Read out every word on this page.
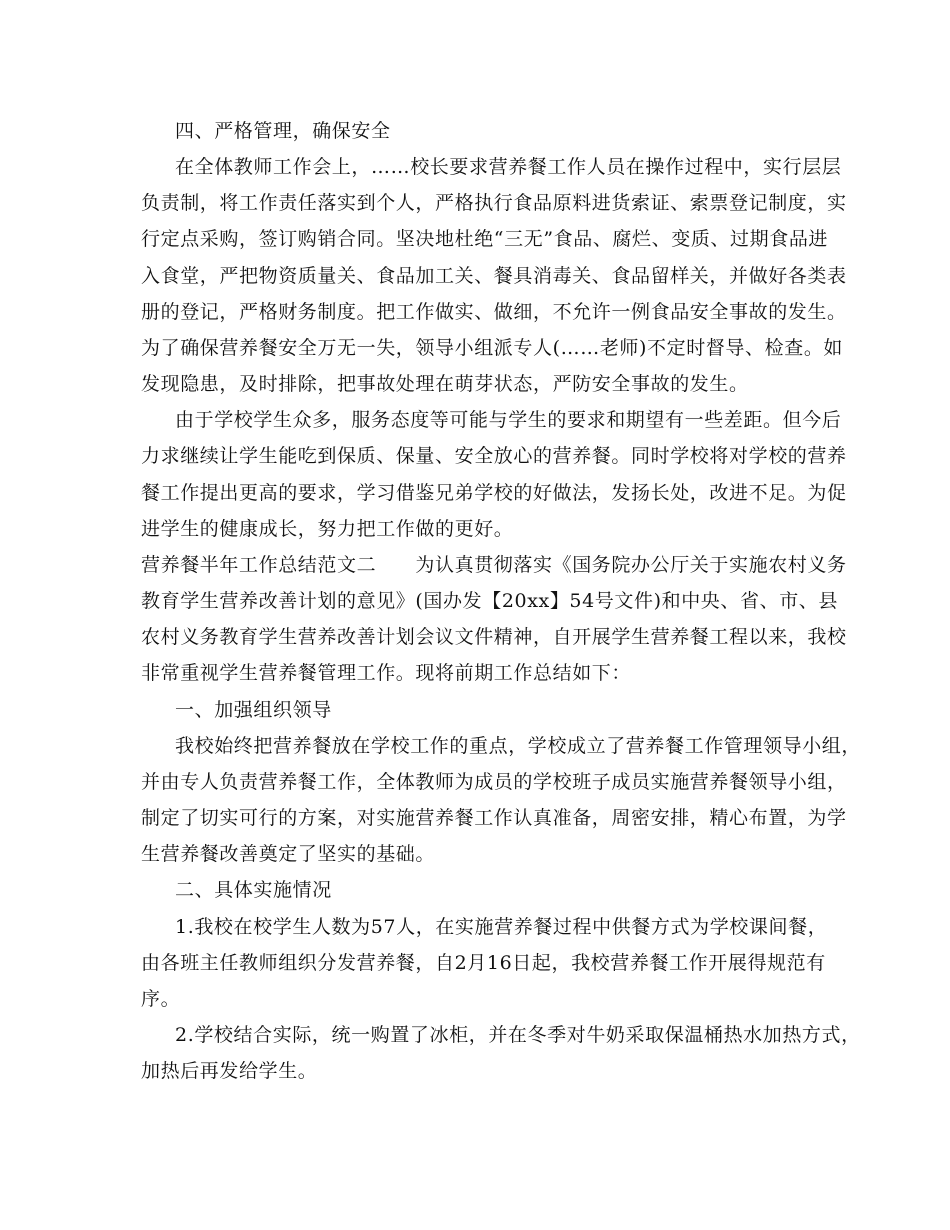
四、严格管理，确保安全
在全体教师工作会上，……校长要求营养餐工作人员在操作过程中，实行层层
负责制，将工作责任落实到个人，严格执行食品原料进货索证、索票登记制度，实
行定点采购，签订购销合同。坚决地杜绝“三无”食品、腐烂、变质、过期食品进
入食堂，严把物资质量关、食品加工关、餐具消毒关、食品留样关，并做好各类表
册的登记，严格财务制度。把工作做实、做细，不允许一例食品安全事故的发生。
为了确保营养餐安全万无一失，领导小组派专人(……老师)不定时督导、检查。如
发现隐患，及时排除，把事故处理在萌芽状态，严防安全事故的发生。
由于学校学生众多，服务态度等可能与学生的要求和期望有一些差距。但今后
力求继续让学生能吃到保质、保量、安全放心的营养餐。同时学校将对学校的营养
餐工作提出更高的要求，学习借鉴兄弟学校的好做法，发扬长处，改进不足。为促
进学生的健康成长，努力把工作做的更好。
营养餐半年工作总结范文二　　为认真贯彻落实《国务院办公厅关于实施农村义务
教育学生营养改善计划的意见》(国办发【20xx】54号文件)和中央、省、市、县
农村义务教育学生营养改善计划会议文件精神，自开展学生营养餐工程以来，我校
非常重视学生营养餐管理工作。现将前期工作总结如下：
一、加强组织领导
我校始终把营养餐放在学校工作的重点，学校成立了营养餐工作管理领导小组，
并由专人负责营养餐工作，全体教师为成员的学校班子成员实施营养餐领导小组，
制定了切实可行的方案，对实施营养餐工作认真准备，周密安排，精心布置，为学
生营养餐改善奠定了坚实的基础。
二、具体实施情况
1.我校在校学生人数为57人，在实施营养餐过程中供餐方式为学校课间餐，
由各班主任教师组织分发营养餐，自2月16日起，我校营养餐工作开展得规范有
序。
2.学校结合实际，统一购置了冰柜，并在冬季对牛奶采取保温桶热水加热方式，
加热后再发给学生。
